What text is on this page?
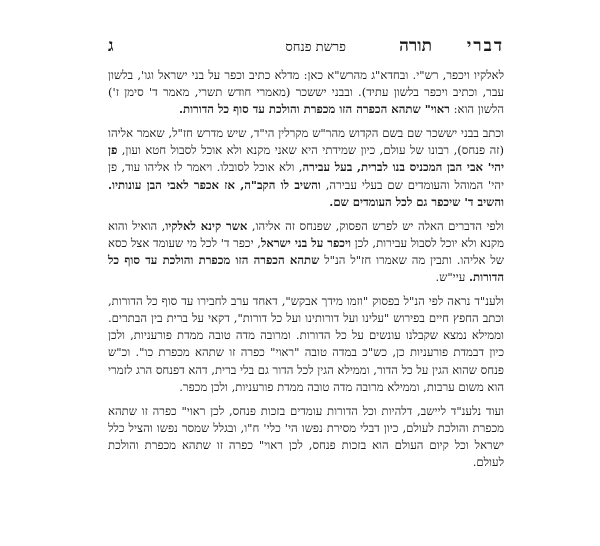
דברי
תורה
פרשת פנחס
ג

לאלקיו ויכפר, רש"י. ובחדא"ג מהרש"א כאן: מדלא כתיב וכפר על בני ישראל וגו', בלשון עבר, וכתיב ויכפר בלשון עתיד). ובבני יששכר (מאמרי חודש תשרי, מאמר ד' סימן ז') הלשון הוא: ראוי" שתהא הכפרה הזו מכפרת והולכת עד סוף כל הדורות.

וכתב בבני יששכר שם בשם הקדוש מהר"ש מקרלין הי"ד, שיש מדרש חז"ל, שאמר אליהו (זה פנחס), רבונו של עולם, כיון שמידתי היא שאני מקנא ולא אוכל לסבול חטא ועון, פן יהי' אבי הבן המכניס בנו לברית, בעל עבירה, ולא אוכל לסובלו. ויאמר לו אליהו עוד, פן יהי' המוהל והעומדים שם בעלי עבירה, והשיב לו הקב"ה, אז אכפר לאבי הבן עונותיו. והשיב ד' שיכפר גם לכל העומדים שם.

ולפי הדברים האלה יש לפרש הפסוק, שפנחס זה אליהו, אשר קינא לאלקיו, הואיל והוא מקנא ולא יוכל לסבול עבירות, לכן ויכפר על בני ישראל, יכפר ד' לכל מי שעומד אצל כסא של אליהו. ותבין מה שאמרו חז"ל הנ"ל שתהא הכפרה הזו מכפרת והולכת עד סוף כל הדורות. עיי"ש.

ולענ"ד נראה לפי הנ"ל בפסוק "וזמו מידך אבקש", דאחד ערב לחבירו עד סוף כל הדורות, וכתב החפץ חיים בפירוש "עלינו ועל דורותינו ועל כל דורות", דקאי על ברית בין הבתרים. וממילא נמצא שקבלנו עונשים על כל הדורות. ומרובה מדה טובה ממדת פורעניות, ולכן כיון דבמדת פורעניות כן, כש"כ במדה טובה "ראוי" כפרה זו שתהא מכפרת כו". וכ"ש פנחס שהוא הגין על כל הדור, וממילא הגין לכל הדור גם בלי ברית, דהא דפנחס הרג לזמרי הוא משום ערבות, וממילא מרובה מדה טובה ממדת פורעניות, ולכן מכפר.

ועוד נלענ"ד ליישב, דלהיות וכל הדורות עומדים בזכות פנחס, לכן ראוי" כפרה זו שתהא מכפרת והולכת לעולם, כיון דבלי מסירת נפשו הי' כלי' ח"ו, ובגלל שמסר נפשו והציל כלל ישראל וכל קיום העולם הוא בזכות פנחס, לכן ראוי" כפרה זו שתהא מכפרת והולכת לעולם.
